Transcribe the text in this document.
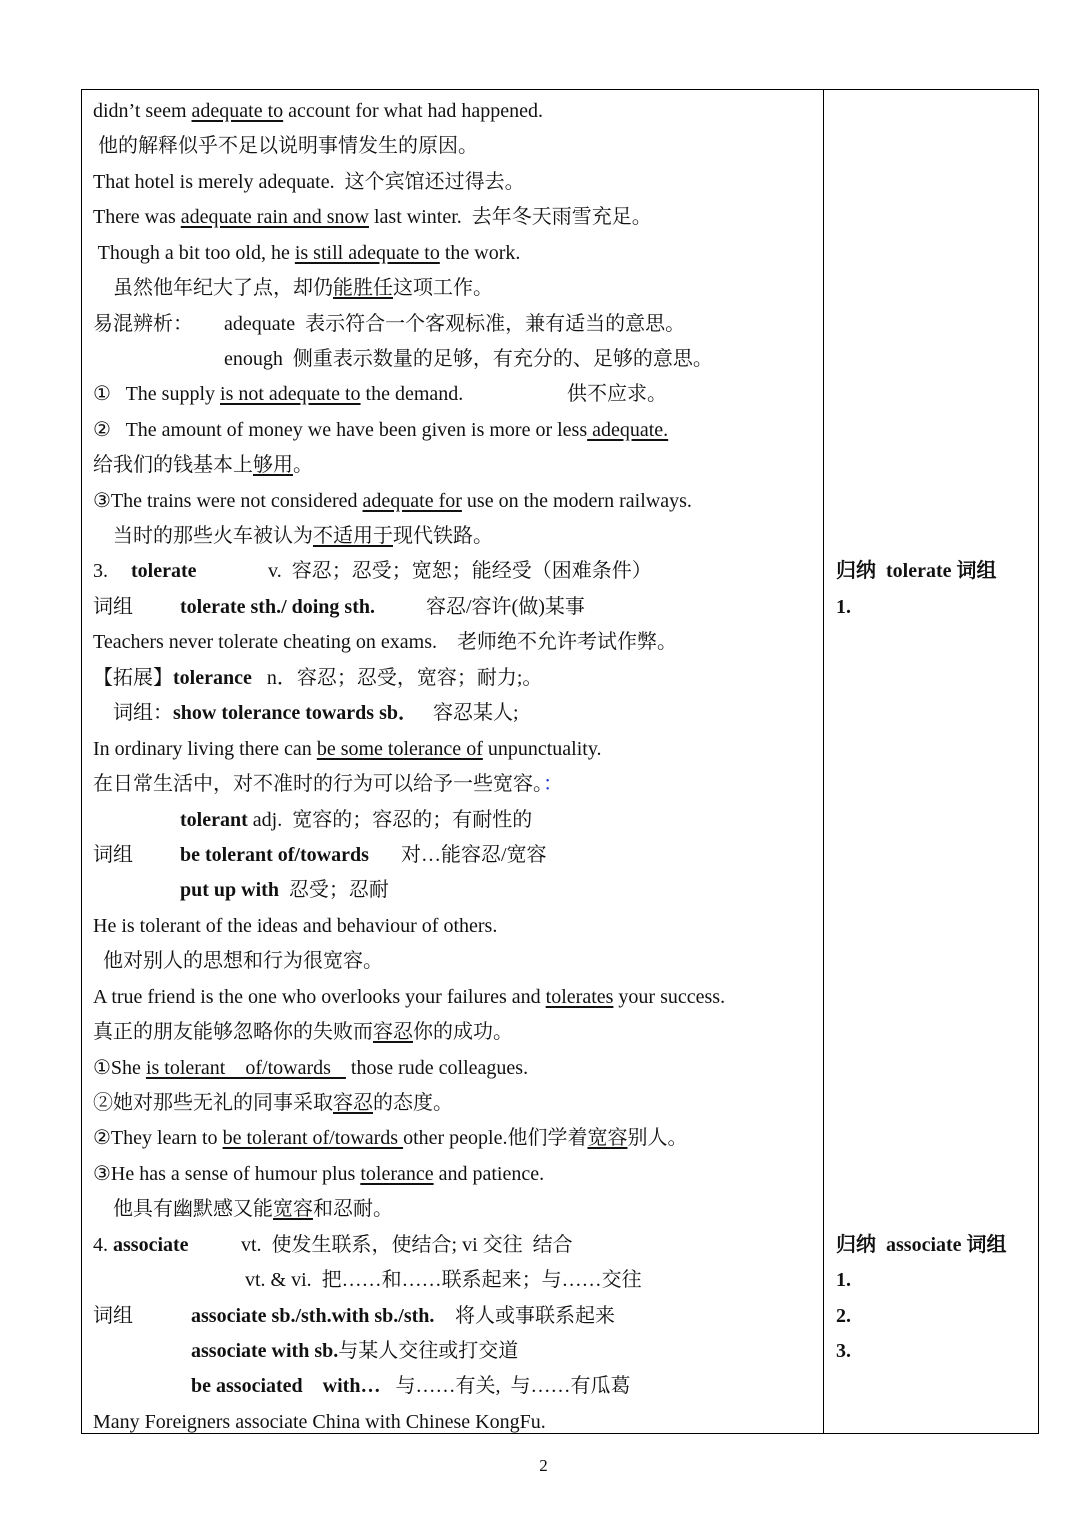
didn’t seem adequate to account for what had happened.
他的解释似乎不足以说明事情发生的原因。
That hotel is merely adequate.  这个宾馆还过得去。
There was adequate rain and snow last winter.  去年冬天雨雪充足。
Though a bit too old, he is still adequate to the work.
虽然他年纪大了点，却仍能胜任这项工作。
易混辨析： adequate  表示符合一个客观标准，兼有适当的意思。
enough  侧重表示数量的足够，有充分的、足够的意思。
①   The supply is not adequate to the demand.	供不应求。
②   The amount of money we have been given is more or less adequate.
给我们的钱基本上够用。
③The trains were not considered adequate for use on the modern railways.
当时的那些火车被认为不适用于现代铁路。
3. tolerate	v.  容忍；忍受；宽恕；能经受（困难条件）
词组 tolerate sth./ doing sth.	容忍/容许(做)某事
Teachers never tolerate cheating on exams.    老师绝不允许考试作弊。
【拓展】tolerance   n．容忍；忍受，宽容；耐力;。
词组：show tolerance towards sb．   容忍某人;
In ordinary living there can be some tolerance of unpunctuality.
在日常生活中，对不准时的行为可以给予一些宽容。：
tolerant adj.  宽容的；容忍的；有耐性的
词组 be tolerant of/towards 对…能容忍/宽容
put up with  忍受；忍耐
He is tolerant of the ideas and behaviour of others.
他对别人的思想和行为很宽容。
A true friend is the one who overlooks your failures and tolerates your success.
真正的朋友能够忽略你的失败而容忍你的成功。
①She is tolerant    of/towards    those rude colleagues.
②她对那些无礼的同事采取容忍的态度。
②They learn to be tolerant of/towards other people.他们学着宽容别人。
③He has a sense of humour plus tolerance and patience.
他具有幽默感又能宽容和忍耐。
4. associate	vt.  使发生联系，使结合; vi 交往  结合
vt. & vi.  把……和……联系起来；与……交往
词组	associate sb./sth.with sb./sth. 将人或事联系起来
associate with sb.与某人交往或打交道
be associated    with…   与……有关,  与……有瓜葛
Many Foreigners associate China with Chinese KongFu.
归纳  tolerate 词组
1.
归纳  associate 词组
1.
2.
3.
2
